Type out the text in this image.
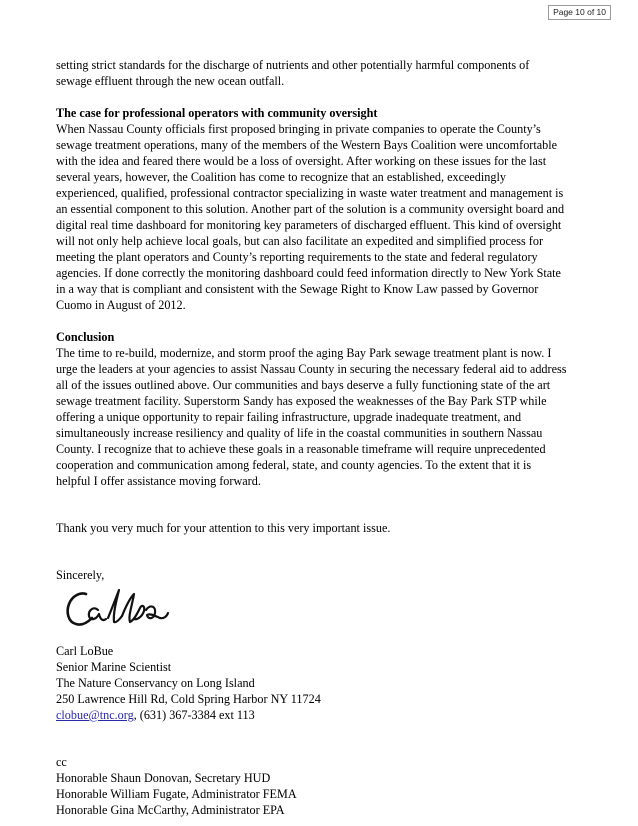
Page 10 of 10
setting strict standards for the discharge of nutrients and other potentially harmful components of
sewage effluent through the new ocean outfall.
The case for professional operators with community oversight
When Nassau County officials first proposed bringing in private companies to operate the County’s
sewage treatment operations, many of the members of the Western Bays Coalition were uncomfortable
with the idea and feared there would be a loss of oversight. After working on these issues for the last
several years, however, the Coalition has come to recognize that an established, exceedingly
experienced, qualified, professional contractor specializing in waste water treatment and management is
an essential component to this solution. Another part of the solution is a community oversight board and
digital real time dashboard for monitoring key parameters of discharged effluent. This kind of oversight
will not only help achieve local goals, but can also facilitate an expedited and simplified process for
meeting the plant operators and County’s reporting requirements to the state and federal regulatory
agencies. If done correctly the monitoring dashboard could feed information directly to New York State
in a way that is compliant and consistent with the Sewage Right to Know Law passed by Governor
Cuomo in August of 2012.
Conclusion
The time to re-build, modernize, and storm proof the aging Bay Park sewage treatment plant is now. I
urge the leaders at your agencies to assist Nassau County in securing the necessary federal aid to address
all of the issues outlined above. Our communities and bays deserve a fully functioning state of the art
sewage treatment facility. Superstorm Sandy has exposed the weaknesses of the Bay Park STP while
offering a unique opportunity to repair failing infrastructure, upgrade inadequate treatment, and
simultaneously increase resiliency and quality of life in the coastal communities in southern Nassau
County. I recognize that to achieve these goals in a reasonable timeframe will require unprecedented
cooperation and communication among federal, state, and county agencies. To the extent that it is
helpful I offer assistance moving forward.
Thank you very much for your attention to this very important issue.
Sincerely,
Carl LoBue
Senior Marine Scientist
The Nature Conservancy on Long Island
250 Lawrence Hill Rd, Cold Spring Harbor NY 11724
clobue@tnc.org, (631) 367-3384 ext 113
cc
Honorable Shaun Donovan, Secretary HUD
Honorable William Fugate, Administrator FEMA
Honorable Gina McCarthy, Administrator EPA
